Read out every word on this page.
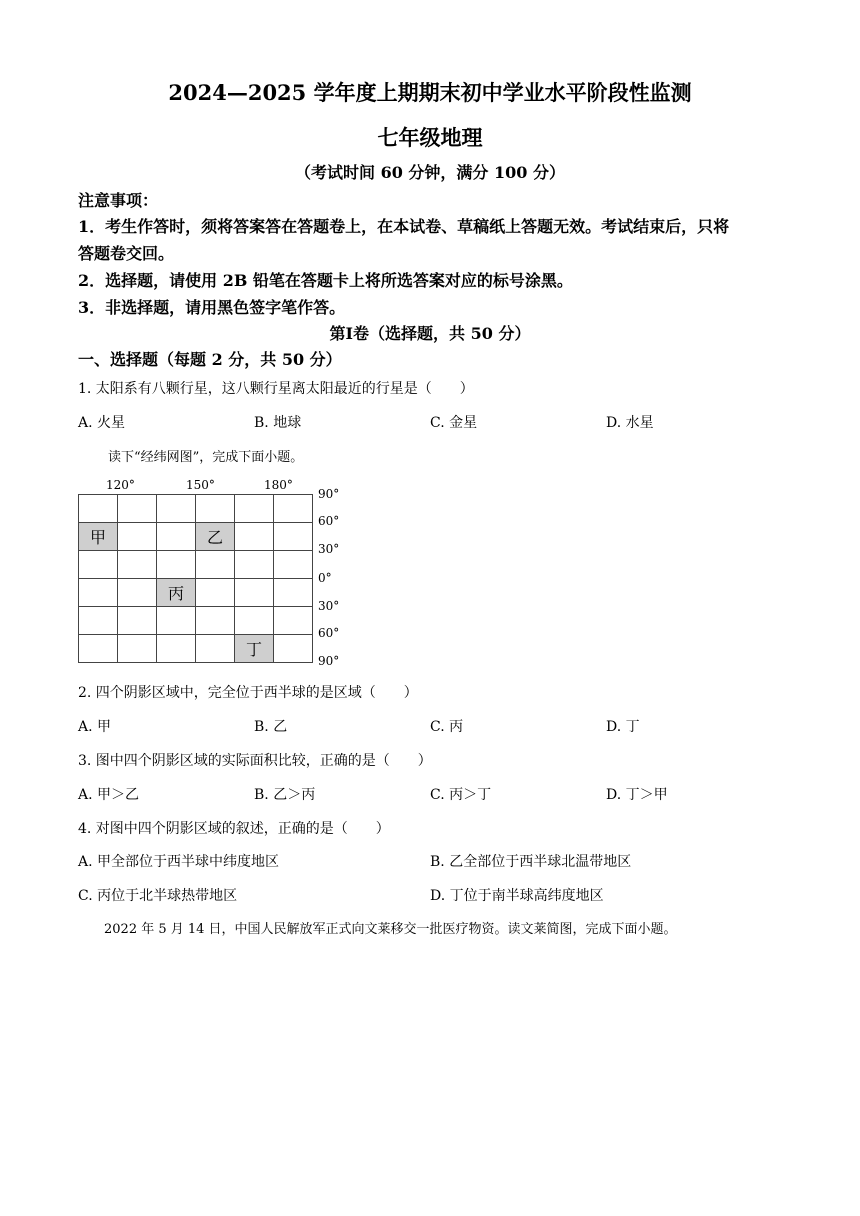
2024—2025 学年度上期期末初中学业水平阶段性监测
七年级地理
（考试时间 60 分钟，满分 100 分）
注意事项：
1．考生作答时，须将答案答在答题卷上，在本试卷、草稿纸上答题无效。考试结束后，只将
答题卷交回。
2．选择题，请使用 2B 铅笔在答题卡上将所选答案对应的标号涂黑。
3．非选择题，请用黑色签字笔作答。
第Ⅰ卷（选择题，共 50 分）
一、选择题（每题 2 分，共 50 分）
1. 太阳系有八颗行星，这八颗行星离太阳最近的行星是（　　）
A. 火星	B. 地球	C. 金星	D. 水星
读下“经纬网图”，完成下面小题。
120°	150°	180°

甲			乙		

		丙			

				丁	
90°
60°
30°
0°
30°
60°
90°
2. 四个阴影区域中，完全位于西半球的是区域（　　）
A. 甲	B. 乙	C. 丙	D. 丁
3. 图中四个阴影区域的实际面积比较，正确的是（　　）
A. 甲＞乙	B. 乙＞丙	C. 丙＞丁	D. 丁＞甲
4. 对图中四个阴影区域的叙述，正确的是（　　）
A. 甲全部位于西半球中纬度地区	B. 乙全部位于西半球北温带地区
C. 丙位于北半球热带地区	D. 丁位于南半球高纬度地区
2022 年 5 月 14 日，中国人民解放军正式向文莱移交一批医疗物资。读文莱简图，完成下面小题。
